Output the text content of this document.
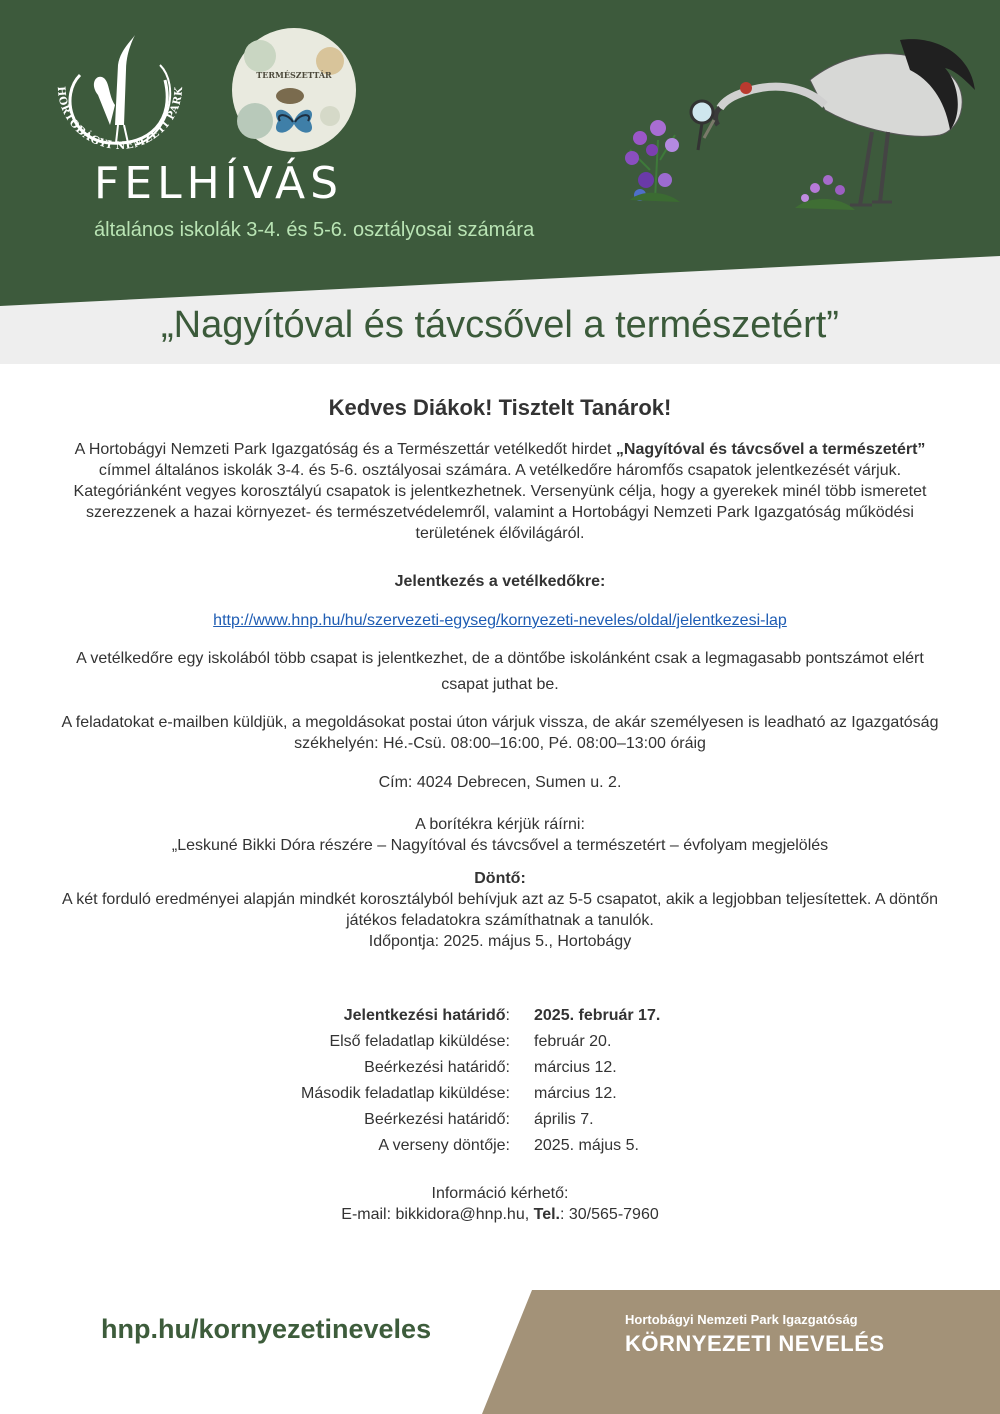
HORTOBÁGYI NEMZETI PARK
TERMÉSZETTÁR
FELHÍVÁS
általános iskolák 3-4. és 5-6. osztályosai számára
„Nagyítóval és távcsővel a természetért”
Kedves Diákok! Tisztelt Tanárok!

A Hortobágyi Nemzeti Park Igazgatóság és a Természettár vetélkedőt hirdet „Nagyítóval és távcsővel a természetért” címmel általános iskolák 3-4. és 5-6. osztályosai számára. A vetélkedőre háromfős csapatok jelentkezését várjuk. Kategóriánként vegyes korosztályú csapatok is jelentkezhetnek. Versenyünk célja, hogy a gyerekek minél több ismeretet szerezzenek a hazai környezet- és természetvédelemről, valamint a Hortobágyi Nemzeti Park Igazgatóság működési területének élővilágáról.

Jelentkezés a vetélkedőkre:

http://www.hnp.hu/hu/szervezeti-egyseg/kornyezeti-neveles/oldal/jelentkezesi-lap

A vetélkedőre egy iskolából több csapat is jelentkezhet, de a döntőbe iskolánként csak a legmagasabb pontszámot elért csapat juthat be.

A feladatokat e-mailben küldjük, a megoldásokat postai úton várjuk vissza, de akár személyesen is leadható az Igazgatóság székhelyén: Hé.-Csü. 08:00–16:00, Pé. 08:00–13:00 óráig

Cím: 4024 Debrecen, Sumen u. 2.

A borítékra kérjük ráírni:

„Leskuné Bikki Dóra részére – Nagyítóval és távcsővel a természetért – évfolyam megjelölés

Döntő:

A két forduló eredményei alapján mindkét korosztályból behívjuk azt az 5-5 csapatot, akik a legjobban teljesítettek. A döntőn játékos feladatokra számíthatnak a tanulók.

Időpontja: 2025. május 5., Hortobágy

Jelentkezési határidő: 2025. február 17.
Első feladatlap kiküldése: február 20.
Beérkezési határidő: március 12.
Második feladatlap kiküldése: március 12.
Beérkezési határidő: április 7.
A verseny döntője: 2025. május 5.

Információ kérhető:

E-mail: bikkidora@hnp.hu, Tel.: 30/565-7960

hnp.hu/kornyezetineveles	Hortobágyi Nemzeti Park Igazgatóság
KÖRNYEZETI NEVELÉS
